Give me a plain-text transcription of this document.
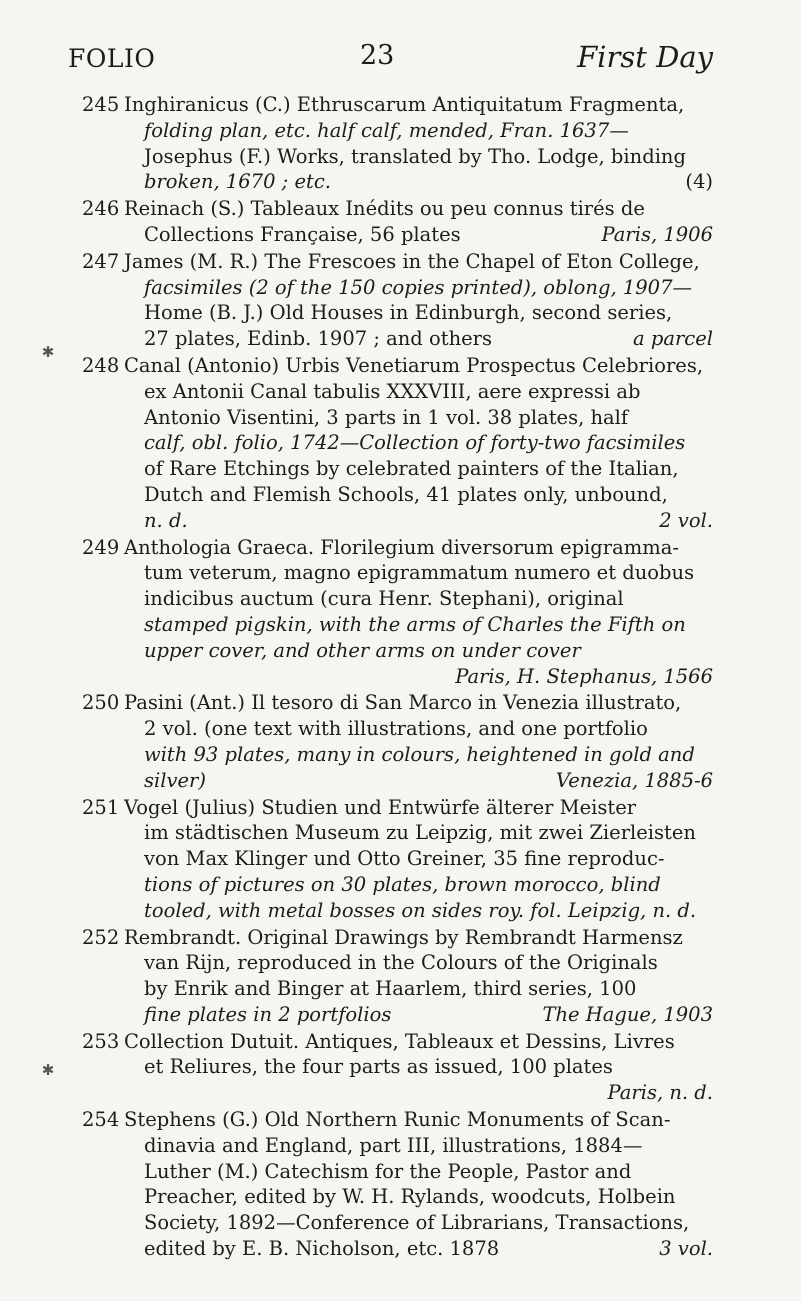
FOLIO	23	First Day
✱
✱
245 Inghiranicus (C.) Ethruscarum Antiquitatum Fragmenta,
folding plan, etc. half calf, mended, Fran. 1637—
Josephus (F.) Works, translated by Tho. Lodge, binding
broken, 1670 ; etc.	(4)
246 Reinach (S.) Tableaux Inédits ou peu connus tirés de
Collections Française, 56 plates	Paris, 1906
247 James (M. R.) The Frescoes in the Chapel of Eton College,
facsimiles (2 of the 150 copies printed), oblong, 1907—
Home (B. J.) Old Houses in Edinburgh, second series,
27 plates, Edinb. 1907 ; and others	a parcel
248 Canal (Antonio) Urbis Venetiarum Prospectus Celebriores,
ex Antonii Canal tabulis XXXVIII, aere expressi ab
Antonio Visentini, 3 parts in 1 vol. 38 plates, half
calf, obl. folio, 1742—Collection of forty-two facsimiles
of Rare Etchings by celebrated painters of the Italian,
Dutch and Flemish Schools, 41 plates only, unbound,
n. d.	2 vol.
249 Anthologia Graeca. Florilegium diversorum epigramma-
tum veterum, magno epigrammatum numero et duobus
indicibus auctum (cura Henr. Stephani), original
stamped pigskin, with the arms of Charles the Fifth on
upper cover, and other arms on under cover
Paris, H. Stephanus, 1566
250 Pasini (Ant.) Il tesoro di San Marco in Venezia illustrato,
2 vol. (one text with illustrations, and one portfolio
with 93 plates, many in colours, heightened in gold and
silver)	Venezia, 1885-6
251 Vogel (Julius) Studien und Entwürfe älterer Meister
im städtischen Museum zu Leipzig, mit zwei Zierleisten
von Max Klinger und Otto Greiner, 35 fine reproduc-
tions of pictures on 30 plates, brown morocco, blind
tooled, with metal bosses on sides roy. fol. Leipzig, n. d.
252 Rembrandt. Original Drawings by Rembrandt Harmensz
van Rijn, reproduced in the Colours of the Originals
by Enrik and Binger at Haarlem, third series, 100
fine plates in 2 portfolios	The Hague, 1903
253 Collection Dutuit. Antiques, Tableaux et Dessins, Livres
et Reliures, the four parts as issued, 100 plates
Paris, n. d.
254 Stephens (G.) Old Northern Runic Monuments of Scan-
dinavia and England, part III, illustrations, 1884—
Luther (M.) Catechism for the People, Pastor and
Preacher, edited by W. H. Rylands, woodcuts, Holbein
Society, 1892—Conference of Librarians, Transactions,
edited by E. B. Nicholson, etc. 1878	3 vol.
